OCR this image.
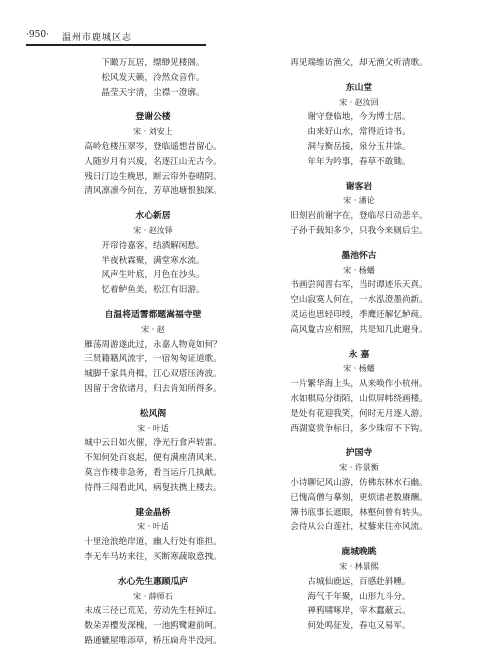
·950· 温州市鹿城区志
下瞰万瓦居，缥缈见楼阁。
松风发天籁，泠然众音作。
晶莹天宇清，尘襟一澄廓。
登谢公楼
宋 · 刘安上
高岭危楼压翠岑，登临遥想昔留心。
人随岁月有兴废，名逐江山无古今。
残日汀边生晚思，断云帘外卷晴阴。
清风凛凛今何在，芳草池塘恨独深。
水心新居
宋 · 赵汝铎
开帘待嘉客，结酒解闲愁。
半夜秋霖聚，满堂寒水流。
风声生叶底，月色在沙头。
忆着鲈鱼美，松江有旧游。
自温将适霅都题嵩福寺壁
宋 · 赵
雁荡周游遂此过，永嘉人物竟如何？
三贤籍籍风流宇，一宿匆匆证道歌。
城脚千家具舟楫，江心双塔压涛波。
因留于舍依诸月，归去肯知所得多。
松风阁
宋 · 叶适
城中云日如火催，净光行食声转雷。
不知何处百哀起，便有满座清风来。
莫言作楼非急务，看当运斤几执献。
待得三闯看此风，病叟扶携上楼去。
建金晶桥
宋 · 叶适
十里沧浪绝岸道，幽人行处有谁担。
李无车马坊来往，买断寒蔬取意拽。
水心先生惠顾瓜庐
宋 · 薛师石
未成三径已荒芜，劳动先生枉掉过。
数朵弄樱发深槐，一池鸥鹭避前呵。
路通辘屋唯添草，桥压扁舟半没河。
再见瑞维访渔父，却无渔父听清歌。
东山堂
宋 · 赵汝回
谢守登临地，今为博士居。
由来好山水，常得近诗书。
洞与衡岳接，泉分玉井馀。
年年为吟事，春草不敢锄。
谢客岩
宋 · 潘论
旧刻岩前谢字在，登临尽日动悲辛。
子孙千载知多少，只我今来厕后尘。
墨池怀古
宋 · 杨蟠
书画尝闻晋右军，当时谭迹乐天真。
空山寂寞人何在，一水泓澄墨尚新。
灵运也思轻印绶，季鹰还解忆鲈莼。
高风夐古应相照，共是知几此避身。
永 嘉
宋 · 杨蟠
一片繁华海上头，从来唤作小杭州。
水如棋局分街陌，山似屏帏绕画楼。
是处有花迎我笑，何时无月逐人游。
西湖宴赏争标日，多少珠帘不下钩。
护国寺
宋 · 许景衡
小诗聊记风山游，仿佛东林水石幽。
已愧高僧与摹刻，更烦诸老数赓酬。
簿书底事长遮眼，林壑何曾有转头。
会待从公白莲社，杖藜来往亦风流。
鹿城晚眺
宋 · 林景熙
古城仙鹿远，百感赴斜曛。
海气千年聚，山形九斗分。
禅鸦啸啄岸，宰木蠢蔽云。
何处鸣征发，春屯又易军。
